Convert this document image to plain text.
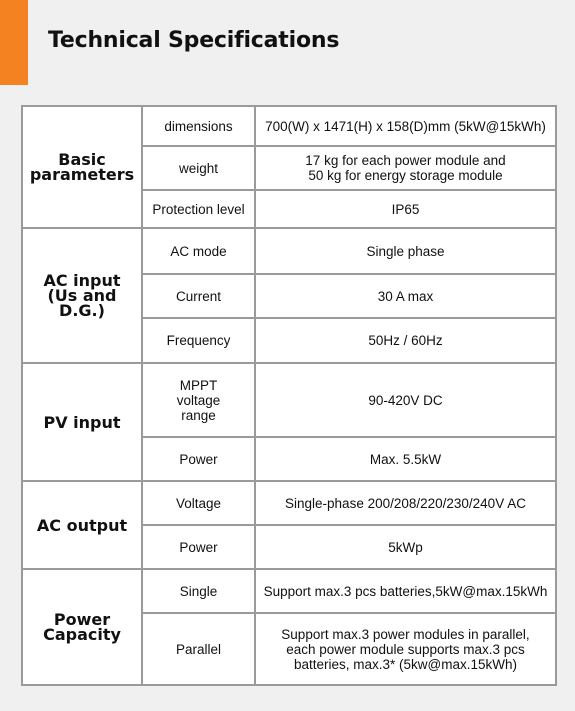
Technical Specifications
Basic
parameters	dimensions	700(W) x 1471(H) x 158(D)mm (5kW@15kWh)
	weight	17 kg for each power module and
50 kg for energy storage module
	Protection level	IP65
AC input
(Us and D.G.)	AC mode	Single phase
	Current	30 A max
	Frequency	50Hz / 60Hz
PV input	MPPT
voltage
range	90-420V DC
	Power	Max. 5.5kW
AC output	Voltage	Single-phase 200/208/220/230/240V AC
	Power	5kWp
Power
Capacity	Single	Support max.3 pcs batteries,5kW@max.15kWh
	Parallel	Support max.3 power modules in parallel,
each power module supports max.3 pcs
batteries, max.3* (5kw@max.15kWh)
